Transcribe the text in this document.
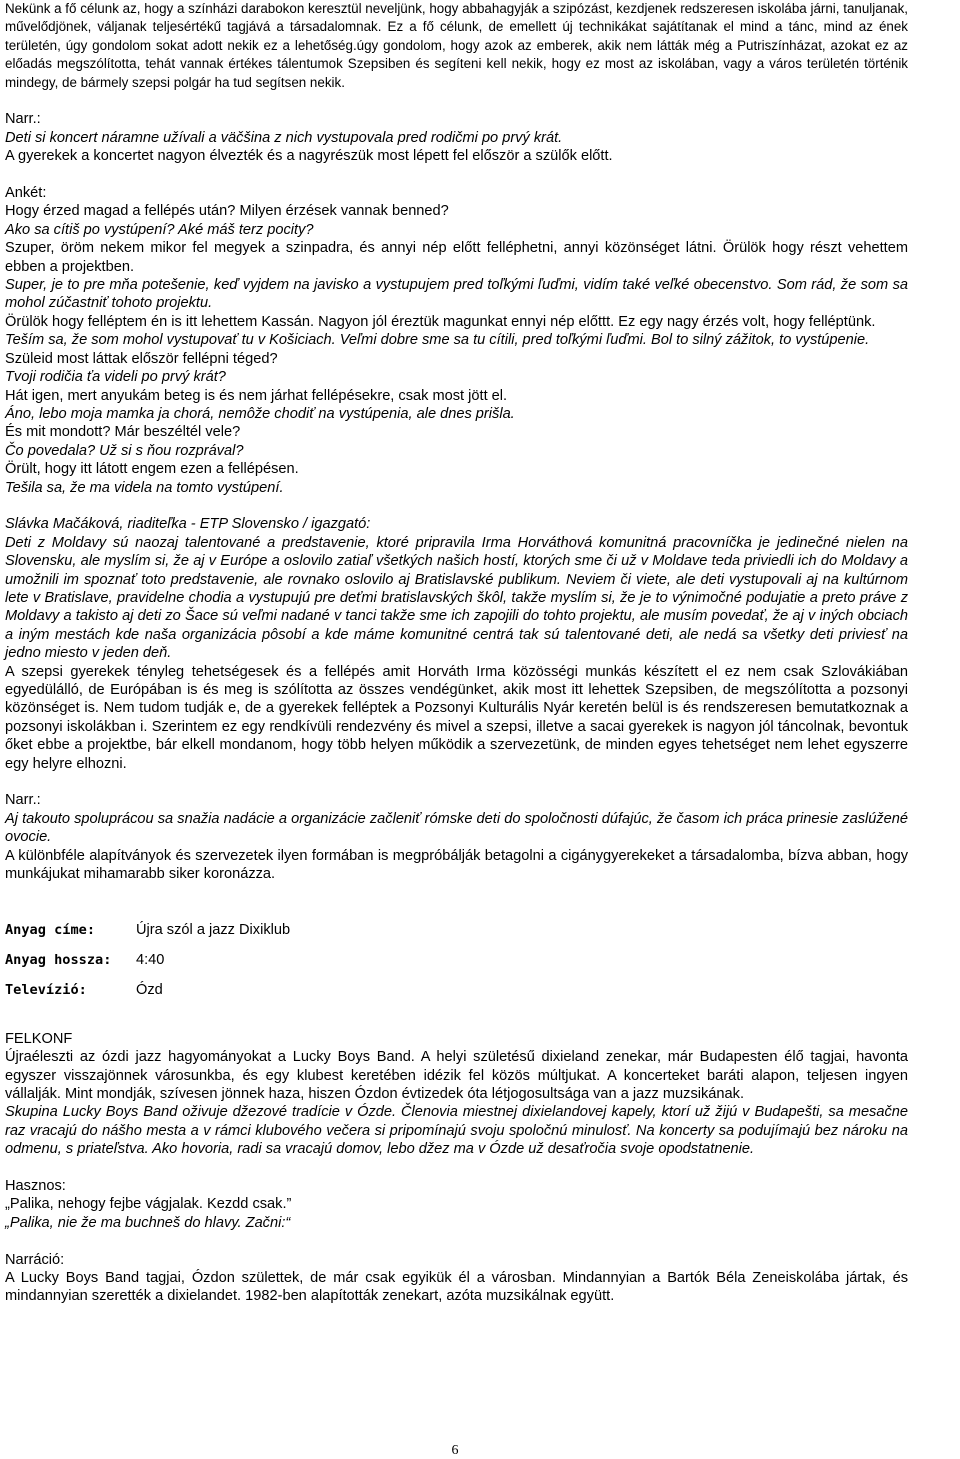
Nekünk a fő célunk az, hogy a színházi darabokon keresztül neveljünk, hogy abbahagyják a szipózást, kezdjenek redszeresen iskolába járni, tanuljanak, művelődjönek, váljanak teljesértékű tagjává a társadalomnak. Ez a fő célunk, de emellett új technikákat sajátítanak el mind a tánc, mind az ének területén, úgy gondolom sokat adott nekik ez a lehetőség.úgy gondolom, hogy azok az emberek, akik nem látták még a Putriszínházat, azokat ez az előadás megszólította, tehát vannak értékes tálentumok Szepsiben és segíteni kell nekik, hogy ez most az iskolában, vagy a város területén történik mindegy, de bármely szepsi polgár ha tud segítsen nekik.

Narr.:

Deti si koncert náramne užívali a väčšina z nich vystupovala pred rodičmi po prvý krát.

A gyerekek a koncertet nagyon élvezték és a nagyrészük most lépett fel először a szülők előtt.

Ankét:

Hogy érzed magad a fellépés után? Milyen érzések vannak benned?

Ako sa cítiš po vystúpení? Aké máš terz pocity?

Szuper, öröm nekem mikor fel megyek a szinpadra, és annyi nép előtt felléphetni, annyi közönséget látni. Örülök hogy részt vehettem ebben a projektben.

Super, je to pre mňa potešenie, keď vyjdem na javisko a vystupujem pred toľkými ľuďmi, vidím také veľké obecenstvo. Som rád, že som sa mohol zúčastniť tohoto projektu.

Örülök hogy felléptem én is itt lehettem Kassán. Nagyon jól éreztük magunkat ennyi nép előttt. Ez egy nagy érzés volt, hogy felléptünk.

Teším sa, že som mohol vystupovať tu v Košiciach. Veľmi dobre sme sa tu cítili, pred toľkými ľuďmi. Bol to silný zážitok, to vystúpenie.

Szüleid most láttak először fellépni téged?

Tvoji rodičia ťa videli po prvý krát?

Hát igen, mert anyukám beteg is és nem járhat fellépésekre, csak most jött el.

Áno, lebo moja mamka ja chorá, nemôže chodiť na vystúpenia, ale dnes prišla.

És mit mondott? Már beszéltél vele?

Čo povedala? Už si s ňou rozprával?

Örült, hogy itt látott engem ezen a fellépésen.

Tešila sa, že ma videla na tomto vystúpení.

Slávka Mačáková, riaditeľka - ETP Slovensko / igazgató:

Deti z Moldavy sú naozaj talentované a predstavenie, ktoré pripravila Irma Horváthová komunitná pracovníčka je jedinečné nielen na Slovensku, ale myslím si, že aj v Európe a oslovilo zatiaľ všetkých našich hostí, ktorých sme či už v Moldave teda priviedli ich do Moldavy a umožnili im spoznať toto predstavenie, ale rovnako oslovilo aj Bratislavské publikum. Neviem či viete, ale deti vystupovali aj na kultúrnom lete v Bratislave, pravidelne chodia a vystupujú pre deťmi bratislavských škôl, takže myslím si, že je to výnimočné podujatie a preto práve z Moldavy a takisto aj deti zo Šace sú veľmi nadané v tanci takže sme ich zapojili do tohto projektu, ale musím povedať, že aj v iných obciach a iným mestách kde naša organizácia pôsobí a kde máme komunitné centrá tak sú talentované deti, ale nedá sa všetky deti priviesť na jedno miesto v jeden deň.

A szepsi gyerekek tényleg tehetségesek és a fellépés amit Horváth Irma közösségi munkás készített el ez nem csak Szlovákiában egyedülálló, de Európában is és meg is szólította az összes vendégünket, akik most itt lehettek Szepsiben, de megszólította a pozsonyi közönséget is. Nem tudom tudják e, de a gyerekek felléptek a Pozsonyi Kulturális Nyár keretén belül is és rendszeresen bemutatkoznak a pozsonyi iskolákban i. Szerintem ez egy rendkívüli rendezvény és mivel a szepsi, illetve a sacai gyerekek is nagyon jól táncolnak, bevontuk őket ebbe a projektbe, bár elkell mondanom, hogy több helyen működik a szervezetünk, de minden egyes tehetséget nem lehet egyszerre egy helyre elhozni.

Narr.:

Aj takouto spoluprácou sa snažia nadácie a organizácie začleniť rómske deti do spoločnosti dúfajúc, že časom ich práca prinesie zaslúžené ovocie.

A különbféle alapítványok és szervezetek ilyen formában is megpróbálják betagolni a cigánygyerekeket a társadalomba, bízva abban, hogy munkájukat mihamarabb siker koronázza.

Anyag címe:	Újra szól a jazz Dixiklub
Anyag hossza:	4:40
Televízió:	Ózd
FELKONF

Újraéleszti az ózdi jazz hagyományokat a Lucky Boys Band. A helyi születésű dixieland zenekar, már Budapesten élő tagjai, havonta egyszer visszajönnek városunkba, és egy klubest keretében idézik fel közös múltjukat. A koncerteket baráti alapon, teljesen ingyen vállalják. Mint mondják, szívesen jönnek haza, hiszen Ózdon évtizedek óta létjogosultsága van a jazz muzsikának.

Skupina Lucky Boys Band oživuje džezové tradície v Ózde. Členovia miestnej dixielandovej kapely, ktorí už žijú v Budapešti, sa mesačne raz vracajú do nášho mesta a v rámci klubového večera si pripomínajú svoju spoločnú minulosť. Na koncerty sa podujímajú bez nároku na odmenu, s priateľstva. Ako hovoria, radi sa vracajú domov, lebo džez ma v Ózde už desaťročia svoje opodstatnenie.

Hasznos:

„Palika, nehogy fejbe vágjalak. Kezdd csak.”

„Palika, nie že ma buchneš do hlavy. Začni:“

Narráció:

A Lucky Boys Band tagjai, Ózdon születtek, de már csak egyikük él a városban. Mindannyian a Bartók Béla Zeneiskolába jártak, és mindannyian szerették a dixielandet. 1982-ben alapították zenekart, azóta muzsikálnak együtt.

6
